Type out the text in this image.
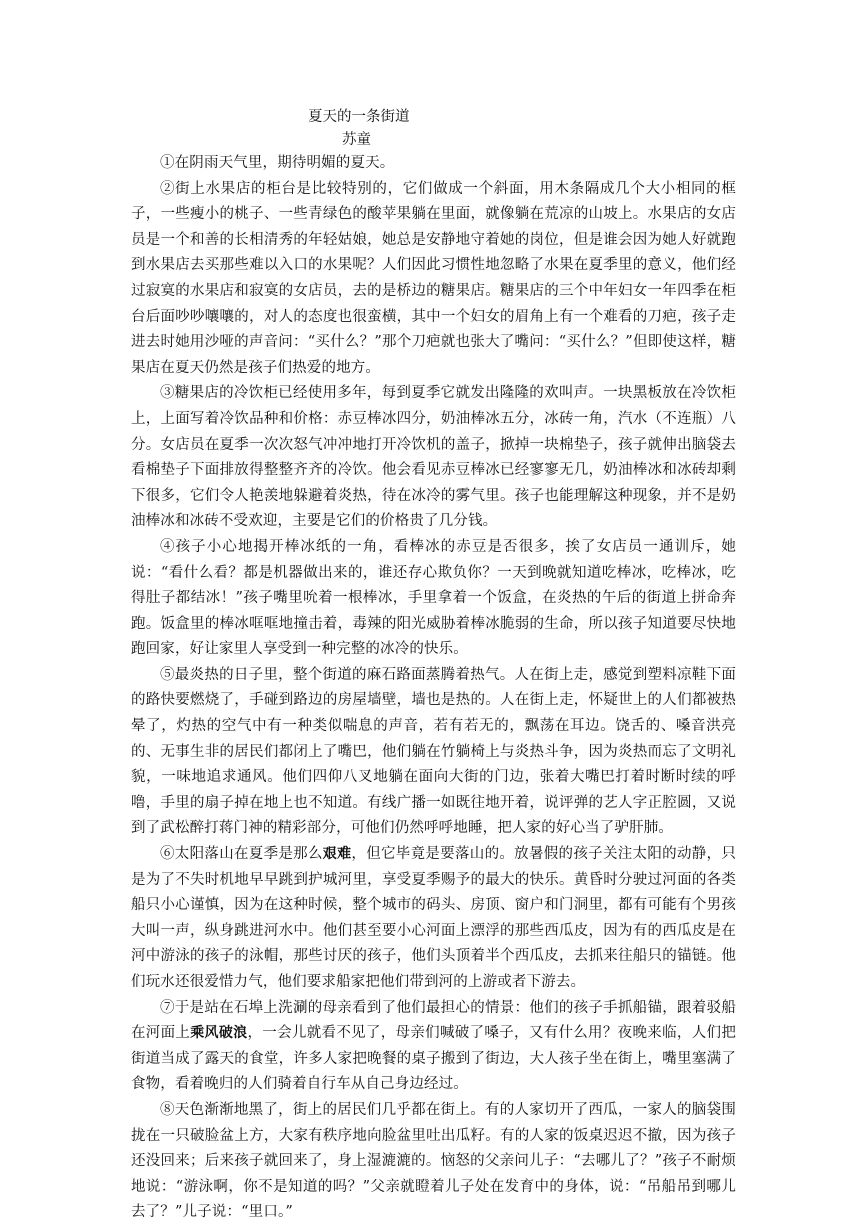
夏天的一条街道
苏童

①在阴雨天气里，期待明媚的夏天。

②街上水果店的柜台是比较特别的，它们做成一个斜面，用木条隔成几个大小相同的框子，一些瘦小的桃子、一些青绿色的酸苹果躺在里面，就像躺在荒凉的山坡上。水果店的女店员是一个和善的长相清秀的年轻姑娘，她总是安静地守着她的岗位，但是谁会因为她人好就跑到水果店去买那些难以入口的水果呢？人们因此习惯性地忽略了水果在夏季里的意义，他们经过寂寞的水果店和寂寞的女店员，去的是桥边的糖果店。糖果店的三个中年妇女一年四季在柜台后面吵吵嚷嚷的，对人的态度也很蛮横，其中一个妇女的眉角上有一个难看的刀疤，孩子走进去时她用沙哑的声音问：“买什么？”那个刀疤就也张大了嘴问：“买什么？”但即使这样，糖果店在夏天仍然是孩子们热爱的地方。

③糖果店的冷饮柜已经使用多年，每到夏季它就发出隆隆的欢叫声。一块黑板放在冷饮柜上，上面写着冷饮品种和价格：赤豆棒冰四分，奶油棒冰五分，冰砖一角，汽水（不连瓶）八分。女店员在夏季一次次怒气冲冲地打开冷饮机的盖子，掀掉一块棉垫子，孩子就伸出脑袋去看棉垫子下面排放得整整齐齐的冷饮。他会看见赤豆棒冰已经寥寥无几，奶油棒冰和冰砖却剩下很多，它们令人艳羡地躲避着炎热，待在冰冷的雾气里。孩子也能理解这种现象，并不是奶油棒冰和冰砖不受欢迎，主要是它们的价格贵了几分钱。

④孩子小心地揭开棒冰纸的一角，看棒冰的赤豆是否很多，挨了女店员一通训斥，她说：“看什么看？都是机器做出来的，谁还存心欺负你？一天到晚就知道吃棒冰，吃棒冰，吃得肚子都结冰！”孩子嘴里吮着一根棒冰，手里拿着一个饭盒，在炎热的午后的街道上拼命奔跑。饭盒里的棒冰哐哐地撞击着，毒辣的阳光威胁着棒冰脆弱的生命，所以孩子知道要尽快地跑回家，好让家里人享受到一种完整的冰冷的快乐。

⑤最炎热的日子里，整个街道的麻石路面蒸腾着热气。人在街上走，感觉到塑料凉鞋下面的路快要燃烧了，手碰到路边的房屋墙壁，墙也是热的。人在街上走，怀疑世上的人们都被热晕了，灼热的空气中有一种类似喘息的声音，若有若无的，飘荡在耳边。饶舌的、嗓音洪亮的、无事生非的居民们都闭上了嘴巴，他们躺在竹躺椅上与炎热斗争，因为炎热而忘了文明礼貌，一味地追求通风。他们四仰八叉地躺在面向大街的门边，张着大嘴巴打着时断时续的呼噜，手里的扇子掉在地上也不知道。有线广播一如既往地开着，说评弹的艺人字正腔圆，又说到了武松醉打蒋门神的精彩部分，可他们仍然呼呼地睡，把人家的好心当了驴肝肺。

⑥太阳落山在夏季是那么艰难，但它毕竟是要落山的。放暑假的孩子关注太阳的动静，只是为了不失时机地早早跳到护城河里，享受夏季赐予的最大的快乐。黄昏时分驶过河面的各类船只小心谨慎，因为在这种时候，整个城市的码头、房顶、窗户和门洞里，都有可能有个男孩大叫一声，纵身跳进河水中。他们甚至要小心河面上漂浮的那些西瓜皮，因为有的西瓜皮是在河中游泳的孩子的泳帽，那些讨厌的孩子，他们头顶着半个西瓜皮，去抓来往船只的锚链。他们玩水还很爱惜力气，他们要求船家把他们带到河的上游或者下游去。

⑦于是站在石埠上洗涮的母亲看到了他们最担心的情景：他们的孩子手抓船锚，跟着驳船在河面上乘风破浪，一会儿就看不见了，母亲们喊破了嗓子，又有什么用？夜晚来临，人们把街道当成了露天的食堂，许多人家把晚餐的桌子搬到了街边，大人孩子坐在街上，嘴里塞满了食物，看着晚归的人们骑着自行车从自己身边经过。

⑧天色渐渐地黑了，街上的居民们几乎都在街上。有的人家切开了西瓜，一家人的脑袋围拢在一只破脸盆上方，大家有秩序地向脸盆里吐出瓜籽。有的人家的饭桌迟迟不撤，因为孩子还没回来；后来孩子就回来了，身上湿漉漉的。恼怒的父亲问儿子：“去哪儿了？”孩子不耐烦地说：“游泳啊，你不是知道的吗？”父亲就瞪着儿子处在发育中的身体，说：“吊船吊到哪儿去了？”儿子说：“里口。”
